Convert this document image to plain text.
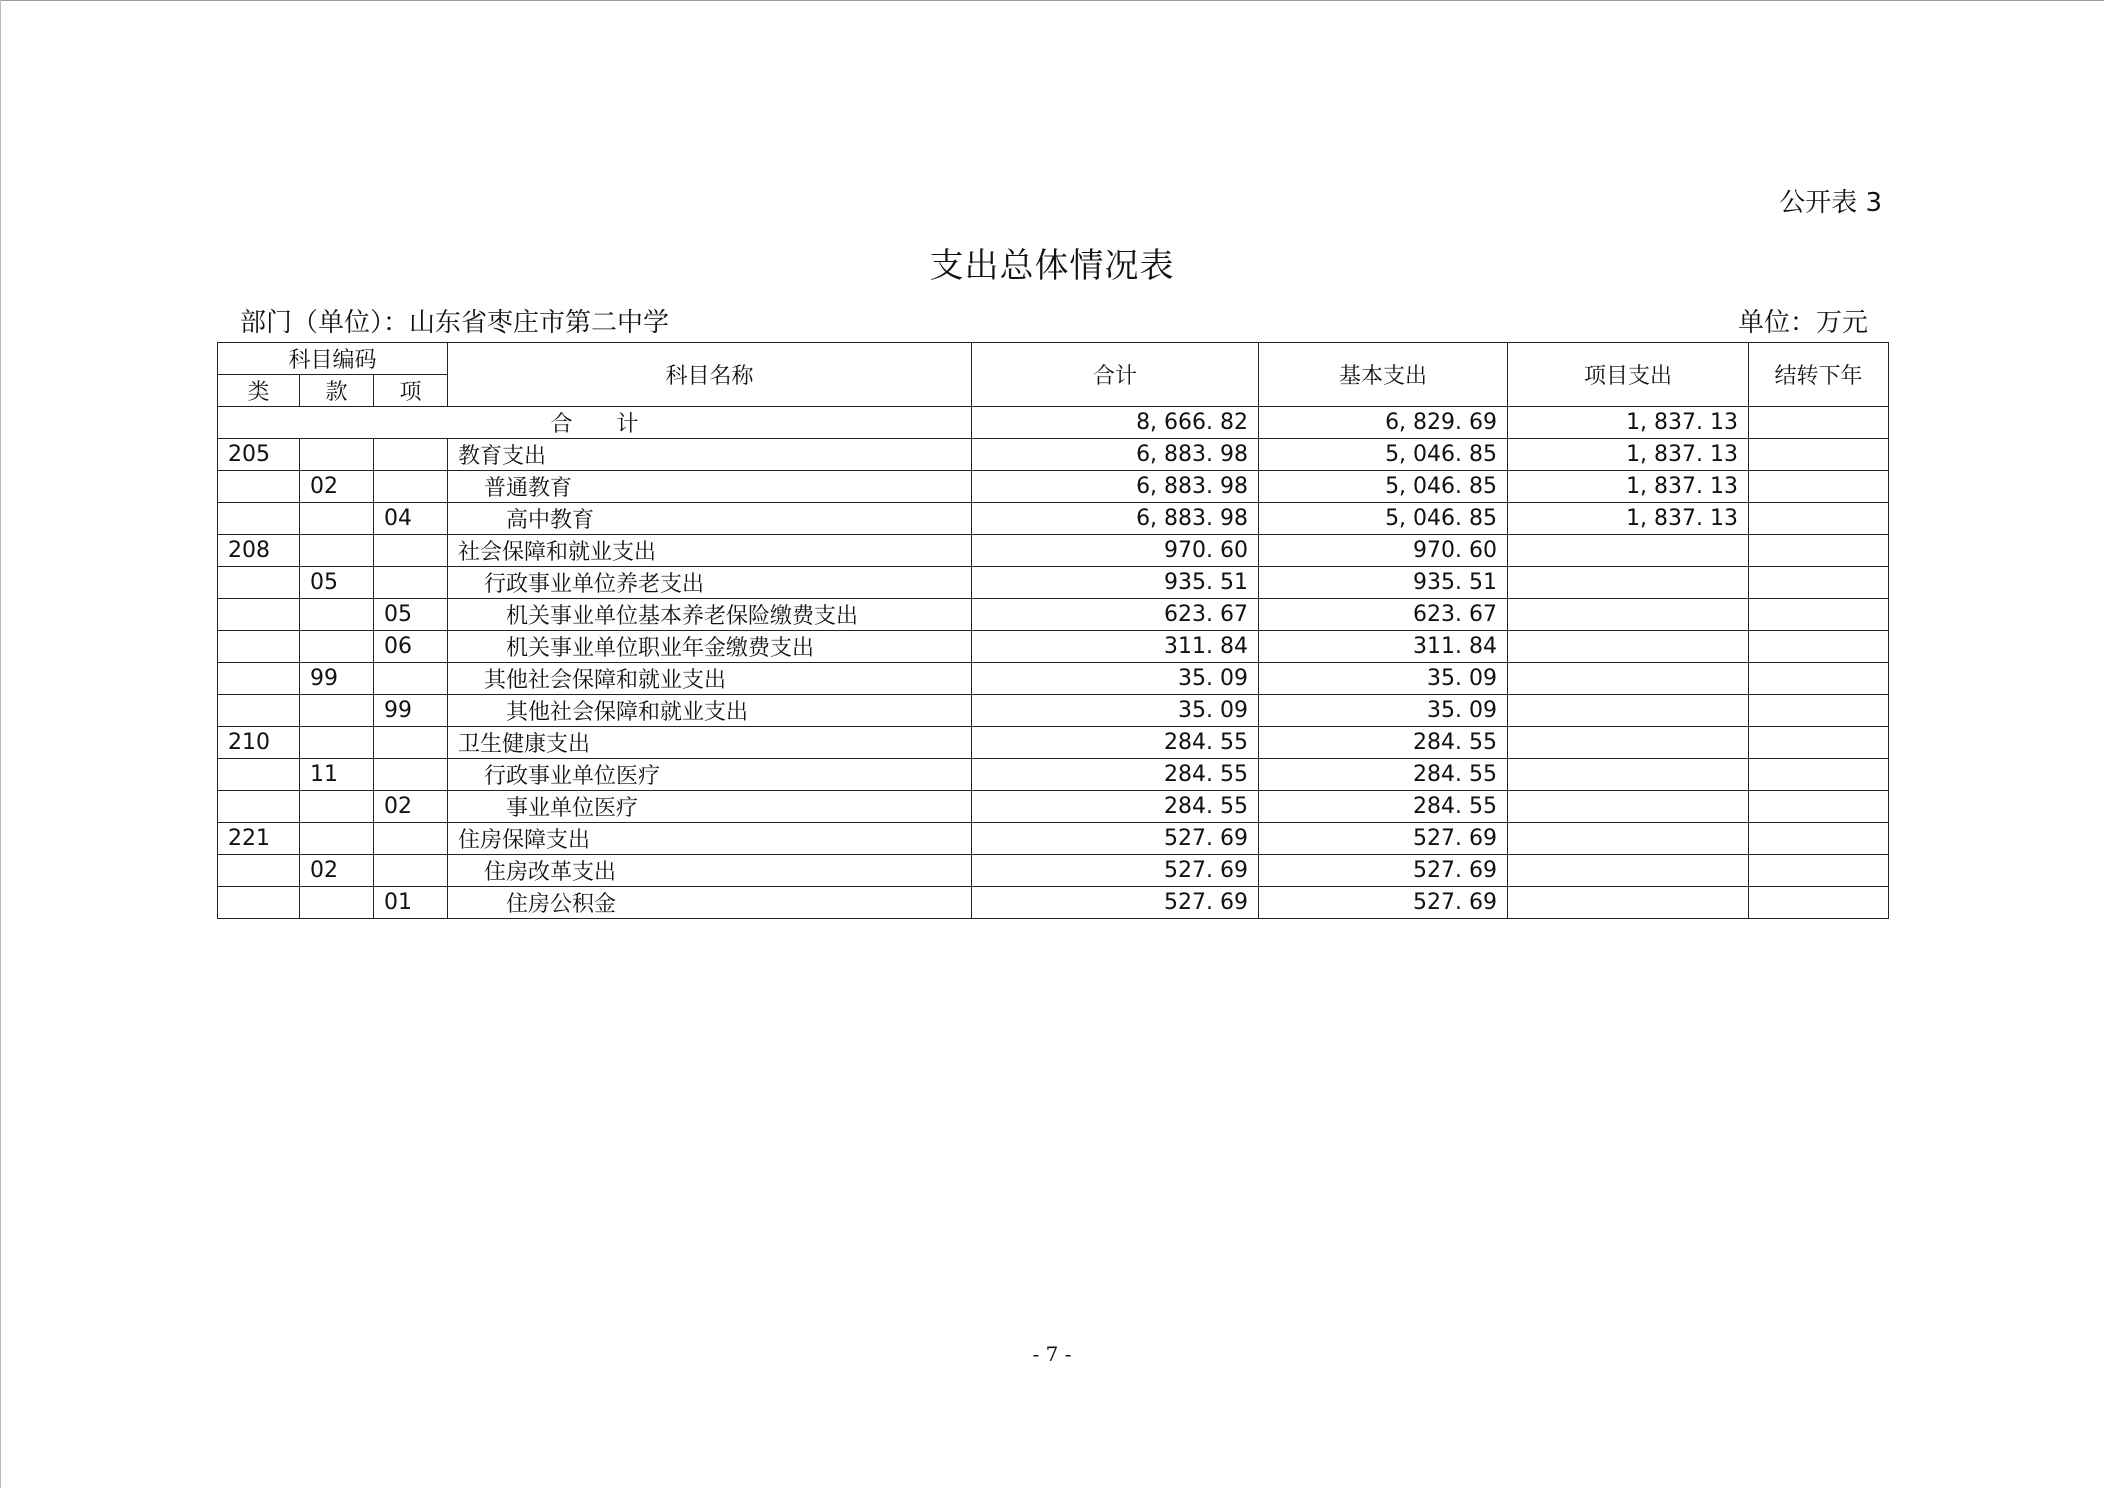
公开表 3
支出总体情况表
部门（单位）：山东省枣庄市第二中学	单位：万元
科目编码			科目名称	合计	基本支出	项目支出	结转下年
类	款	项					
合　　计				8, 666. 82	6, 829. 69	1, 837. 13	
205			教育支出	6, 883. 98	5, 046. 85	1, 837. 13	
	02		普通教育	6, 883. 98	5, 046. 85	1, 837. 13	
		04	高中教育	6, 883. 98	5, 046. 85	1, 837. 13	
208			社会保障和就业支出	970. 60	970. 60		
	05		行政事业单位养老支出	935. 51	935. 51		
		05	机关事业单位基本养老保险缴费支出	623. 67	623. 67		
		06	机关事业单位职业年金缴费支出	311. 84	311. 84		
	99		其他社会保障和就业支出	35. 09	35. 09		
		99	其他社会保障和就业支出	35. 09	35. 09		
210			卫生健康支出	284. 55	284. 55		
	11		行政事业单位医疗	284. 55	284. 55		
		02	事业单位医疗	284. 55	284. 55		
221			住房保障支出	527. 69	527. 69		
	02		住房改革支出	527. 69	527. 69		
		01	住房公积金	527. 69	527. 69		
- 7 -
